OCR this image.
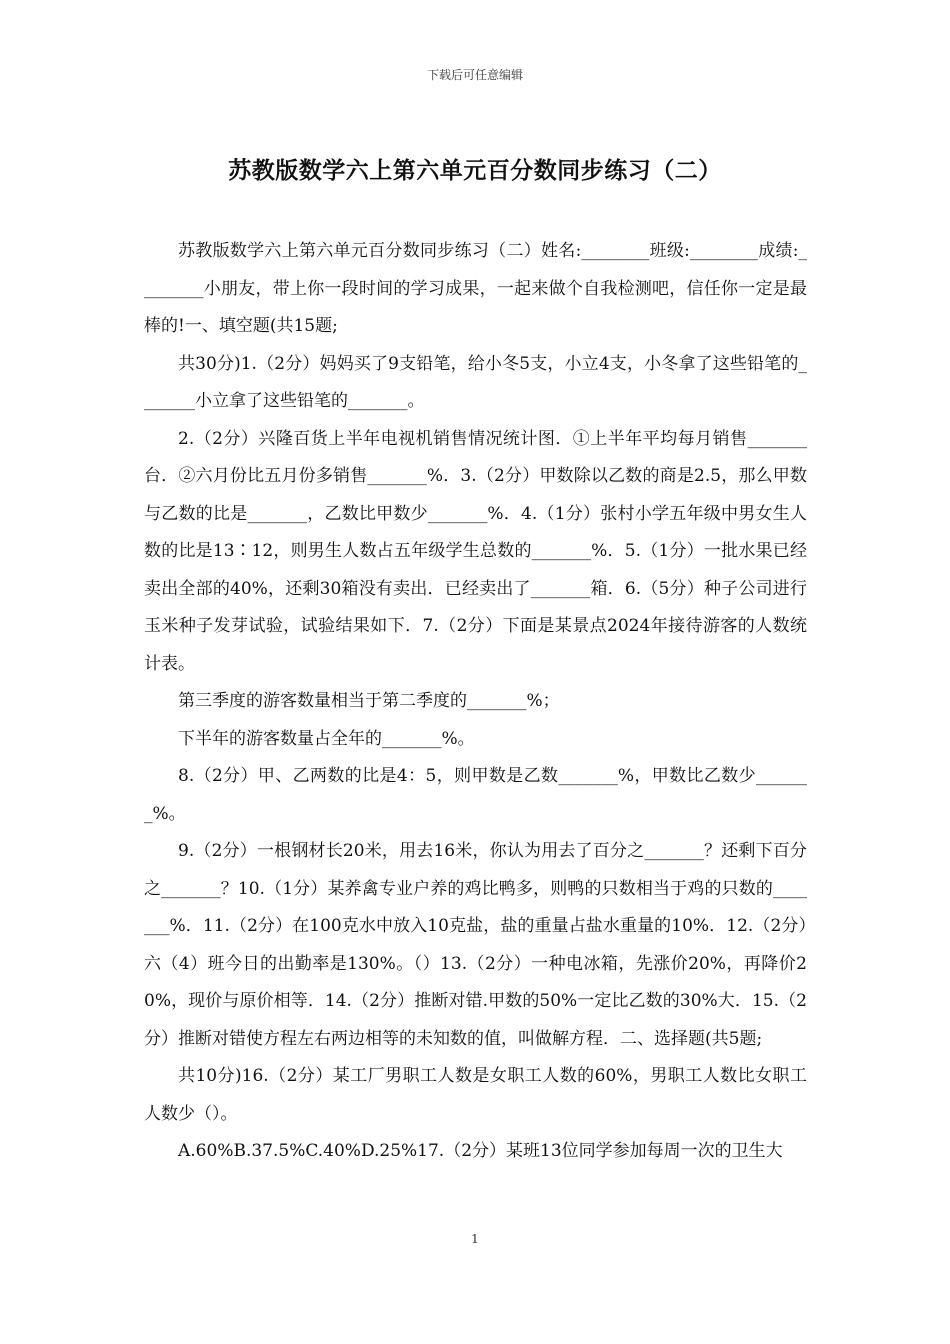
下载后可任意编辑
苏教版数学六上第六单元百分数同步练习（二）

苏教版数学六上第六单元百分数同步练习（二）姓名:________班级:________成绩:________小朋友，带上你一段时间的学习成果，一起来做个自我检测吧，信任你一定是最棒的!一、填空题(共15题;

共30分)1.（2分）妈妈买了9支铅笔，给小冬5支，小立4支，小冬拿了这些铅笔的_______小立拿了这些铅笔的_______。

2.（2分）兴隆百货上半年电视机销售情况统计图．①上半年平均每月销售_______台．②六月份比五月份多销售_______%．3.（2分）甲数除以乙数的商是2.5，那么甲数与乙数的比是_______，乙数比甲数少_______%．4.（1分）张村小学五年级中男女生人数的比是13∶12，则男生人数占五年级学生总数的_______%．5.（1分）一批水果已经卖出全部的40%，还剩30箱没有卖出．已经卖出了_______箱．6.（5分）种子公司进行玉米种子发芽试验，试验结果如下．7.（2分）下面是某景点2024年接待游客的人数统计表。

第三季度的游客数量相当于第二季度的_______%；

下半年的游客数量占全年的_______%。

8.（2分）甲、乙两数的比是4：5，则甲数是乙数_______%，甲数比乙数少_______%。

9.（2分）一根钢材长20米，用去16米，你认为用去了百分之_______？还剩下百分之_______？10.（1分）某养禽专业户养的鸡比鸭多，则鸭的只数相当于鸡的只数的_______%．11.（2分）在100克水中放入10克盐，盐的重量占盐水重量的10%．12.（2分）六（4）班今日的出勤率是130%。（）13.（2分）一种电冰箱，先涨价20%，再降价20%，现价与原价相等．14.（2分）推断对错.甲数的50%一定比乙数的30%大．15.（2分）推断对错使方程左右两边相等的未知数的值，叫做解方程．二、选择题(共5题;

共10分)16.（2分）某工厂男职工人数是女职工人数的60%，男职工人数比女职工人数少（）。

A.60%B.37.5%C.40%D.25%17.（2分）某班13位同学参加每周一次的卫生大

1
